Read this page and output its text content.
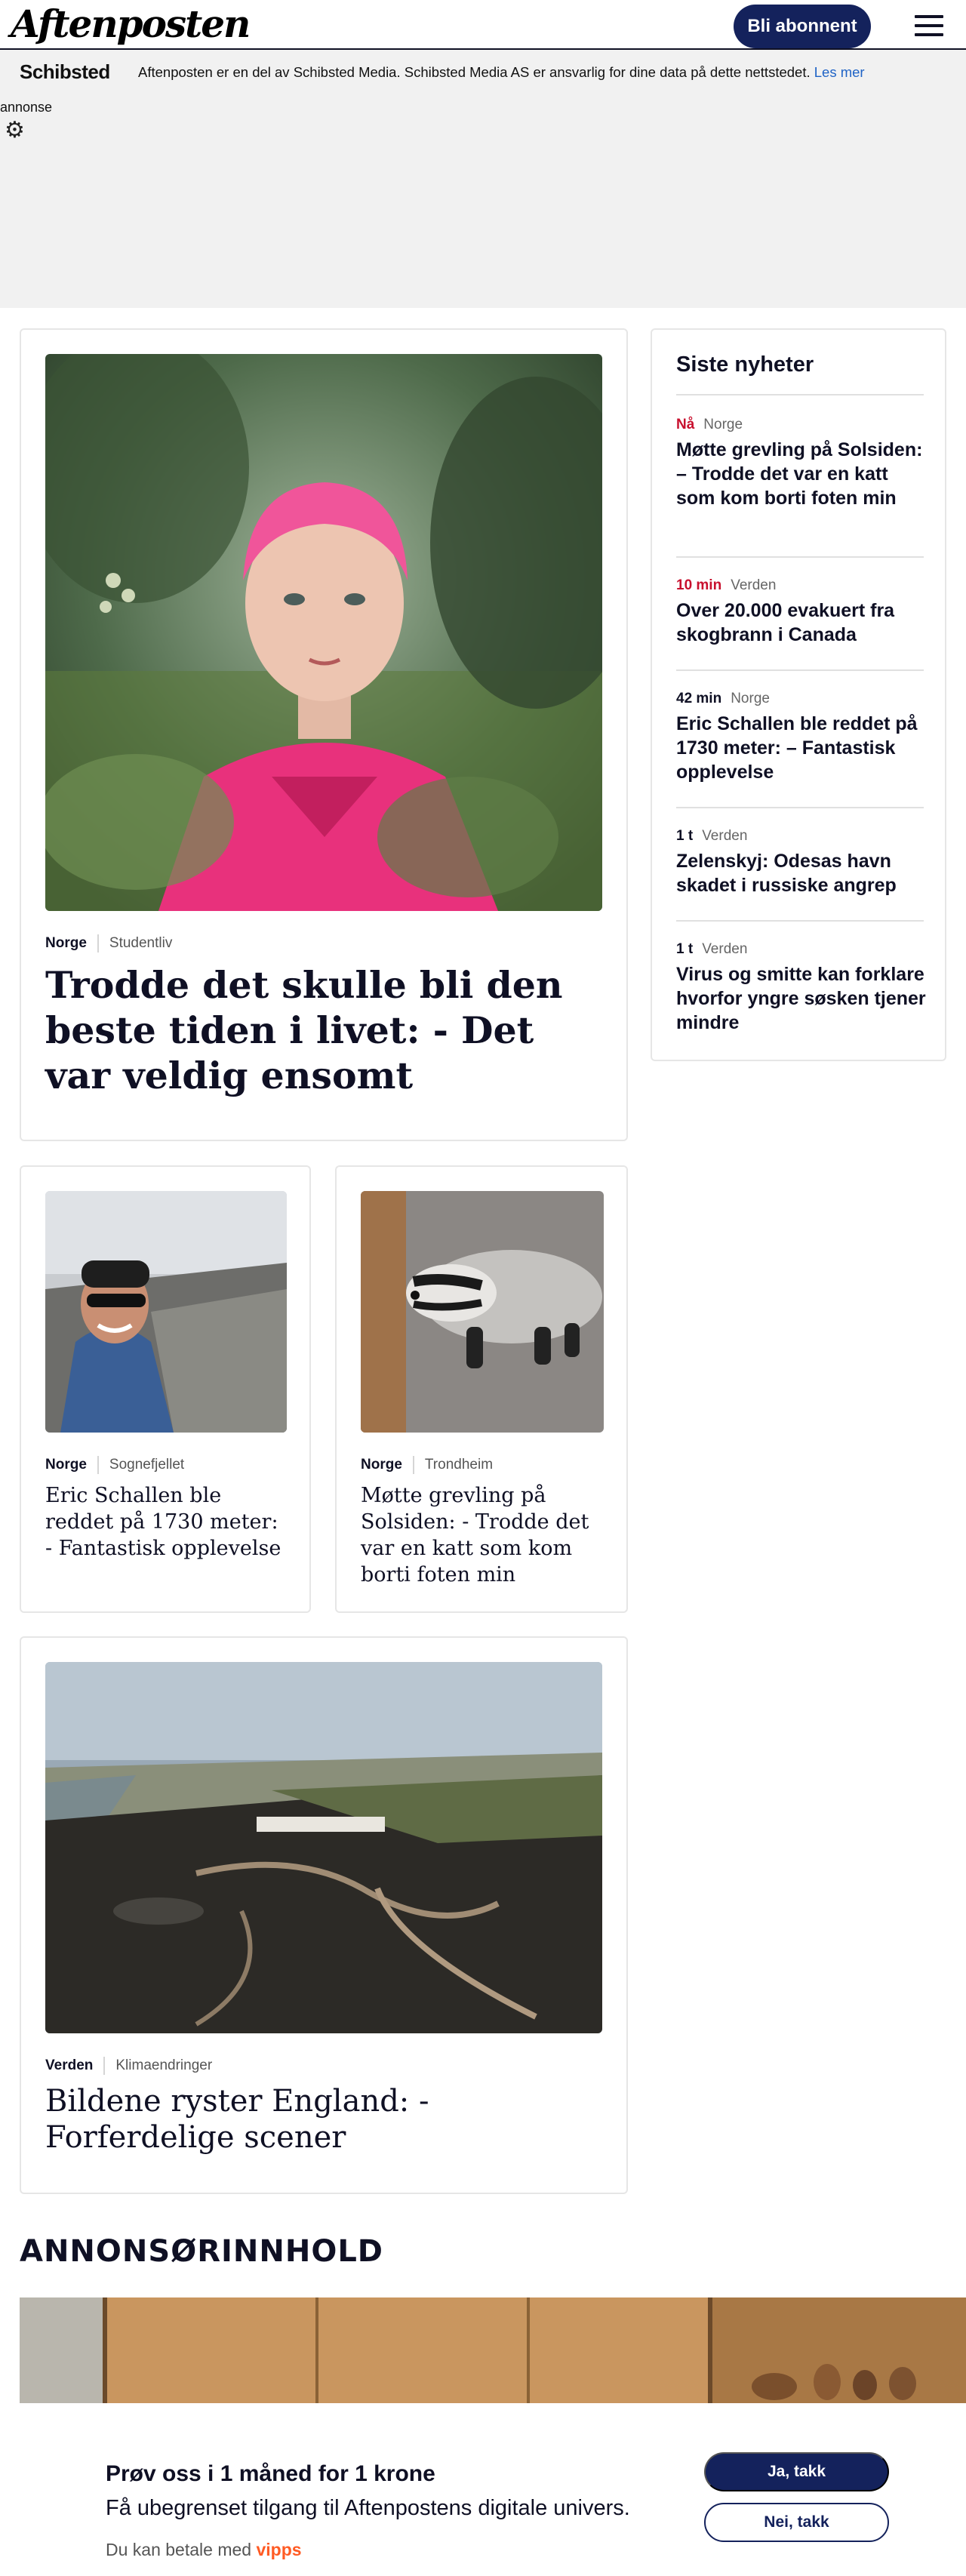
Aftenposten	Bli abonnent
Schibsted Aftenposten er en del av Schibsted Media. Schibsted Media AS er ansvarlig for dine data på dette nettstedet. Les mer
annonse
⚙
Norge Studentliv
Trodde det skulle bli den beste tiden i livet: - Det var veldig ensomt
Siste nyheter
Nå Norge
Møtte grevling på Solsiden: – Trodde det var en katt som kom borti foten min
10 min Verden
Over 20.000 evakuert fra skogbrann i Canada
42 min Norge
Eric Schallen ble reddet på 1730 meter: – Fantastisk opplevelse
1 t Verden
Zelenskyj: Odesas havn skadet i russiske angrep
1 t Verden
Virus og smitte kan forklare hvorfor yngre søsken tjener mindre
Norge Sognefjellet
Eric Schallen ble reddet på 1730 meter: - Fantastisk opplevelse
Norge Trondheim
Møtte grevling på Solsiden: - Trodde det var en katt som kom borti foten min
Verden Klimaendringer
Bildene ryster England: - Forferdelige scener
ANNONSØRINNHOLD
Prøv oss i 1 måned for 1 krone
Få ubegrenset tilgang til Aftenpostens digitale univers.
Du kan betale med vipps
Ja, takk
Nei, takk
